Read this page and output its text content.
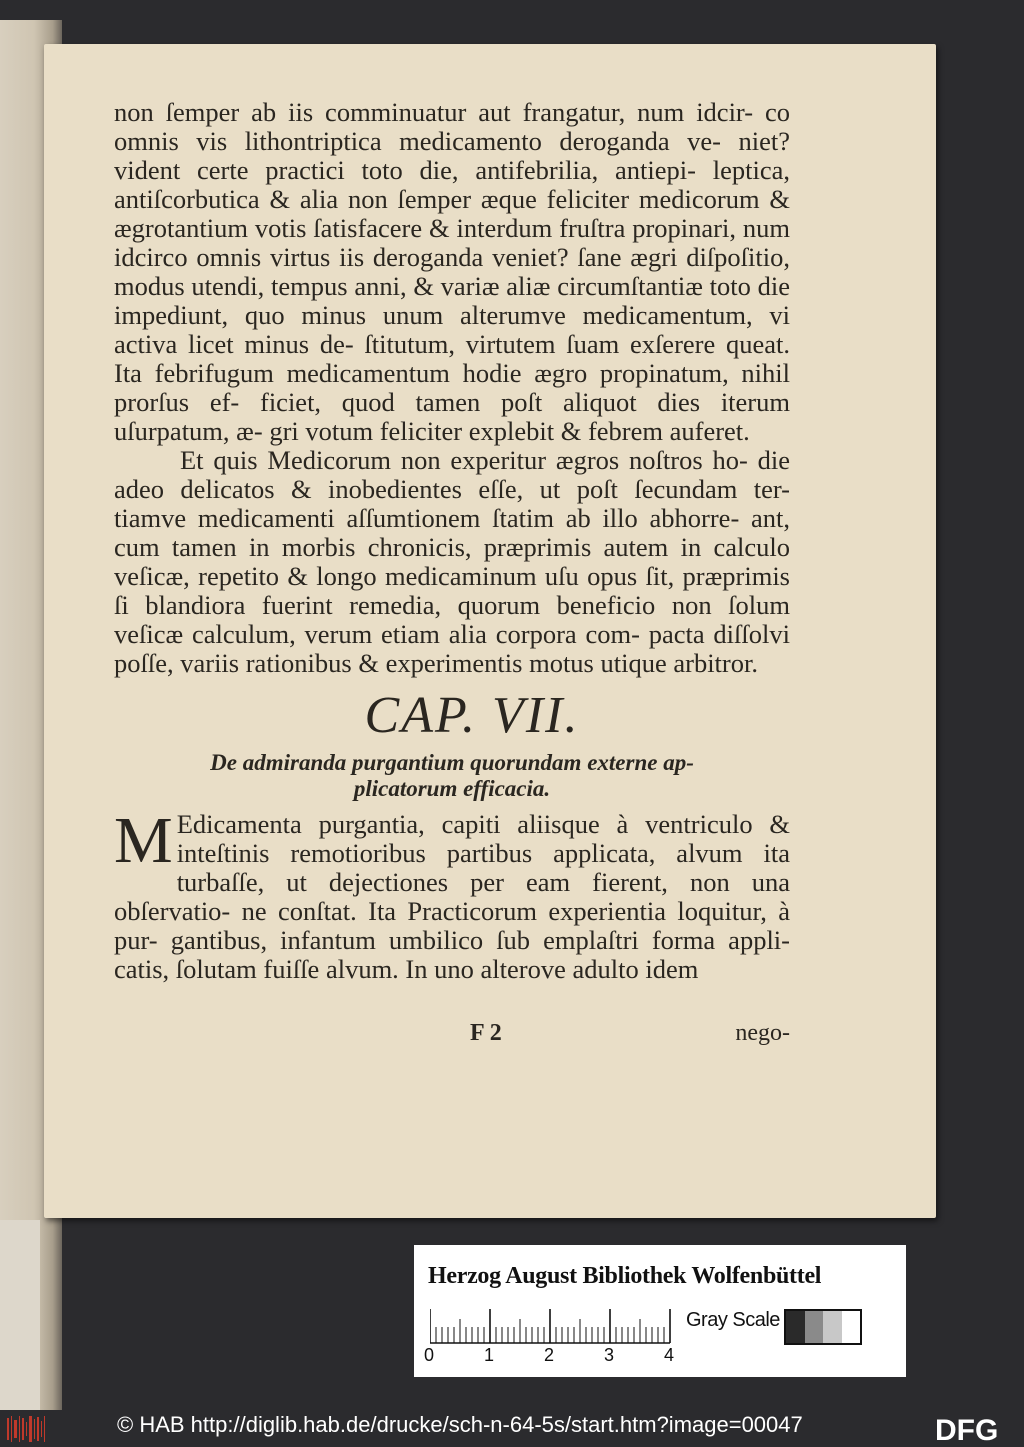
non ſemper ab iis comminuatur aut frangatur, num idcir- co omnis vis lithontriptica medicamento deroganda ve- niet? vident certe practici toto die, antifebrilia, antiepi- leptica, antiſcorbutica & alia non ſemper æque feliciter medicorum & ægrotantium votis ſatisfacere & interdum fruſtra propinari, num idcirco omnis virtus iis deroganda veniet? ſane ægri diſpoſitio, modus utendi, tempus anni, & variæ aliæ circumſtantiæ toto die impediunt, quo minus unum alterumve medicamentum, vi activa licet minus de- ſtitutum, virtutem ſuam exſerere queat. Ita febrifugum medicamentum hodie ægro propinatum, nihil prorſus ef- ficiet, quod tamen poſt aliquot dies iterum uſurpatum, æ- gri votum feliciter explebit & febrem auferet.

Et quis Medicorum non experitur ægros noſtros ho- die adeo delicatos & inobedientes eſſe, ut poſt ſecundam ter- tiamve medicamenti aſſumtionem ſtatim ab illo abhorre- ant, cum tamen in morbis chronicis, præprimis autem in calculo veſicæ, repetito & longo medicaminum uſu opus ſit, præprimis ſi blandiora fuerint remedia, quorum beneficio non ſolum veſicæ calculum, verum etiam alia corpora com- pacta diſſolvi poſſe, variis rationibus & experimentis motus utique arbitror.

CAP. VII.
De admiranda purgantium quorundam externe ap-
plicatorum efficacia.

M Edicamenta purgantia, capiti aliisque à ventriculo & inteſtinis remotioribus partibus applicata, alvum ita turbaſſe, ut dejectiones per eam fierent, non una obſervatio- ne conſtat. Ita Practicorum experientia loquitur, à pur- gantibus, infantum umbilico ſub emplaſtri forma appli- catis, ſolutam fuiſſe alvum. In uno alterove adulto idem

F 2	nego-
Herzog August Bibliothek Wolfenbüttel
0	1	2	3	4
Gray Scale
© HAB http://diglib.hab.de/drucke/sch-n-64-5s/start.htm?image=00047	DFG
